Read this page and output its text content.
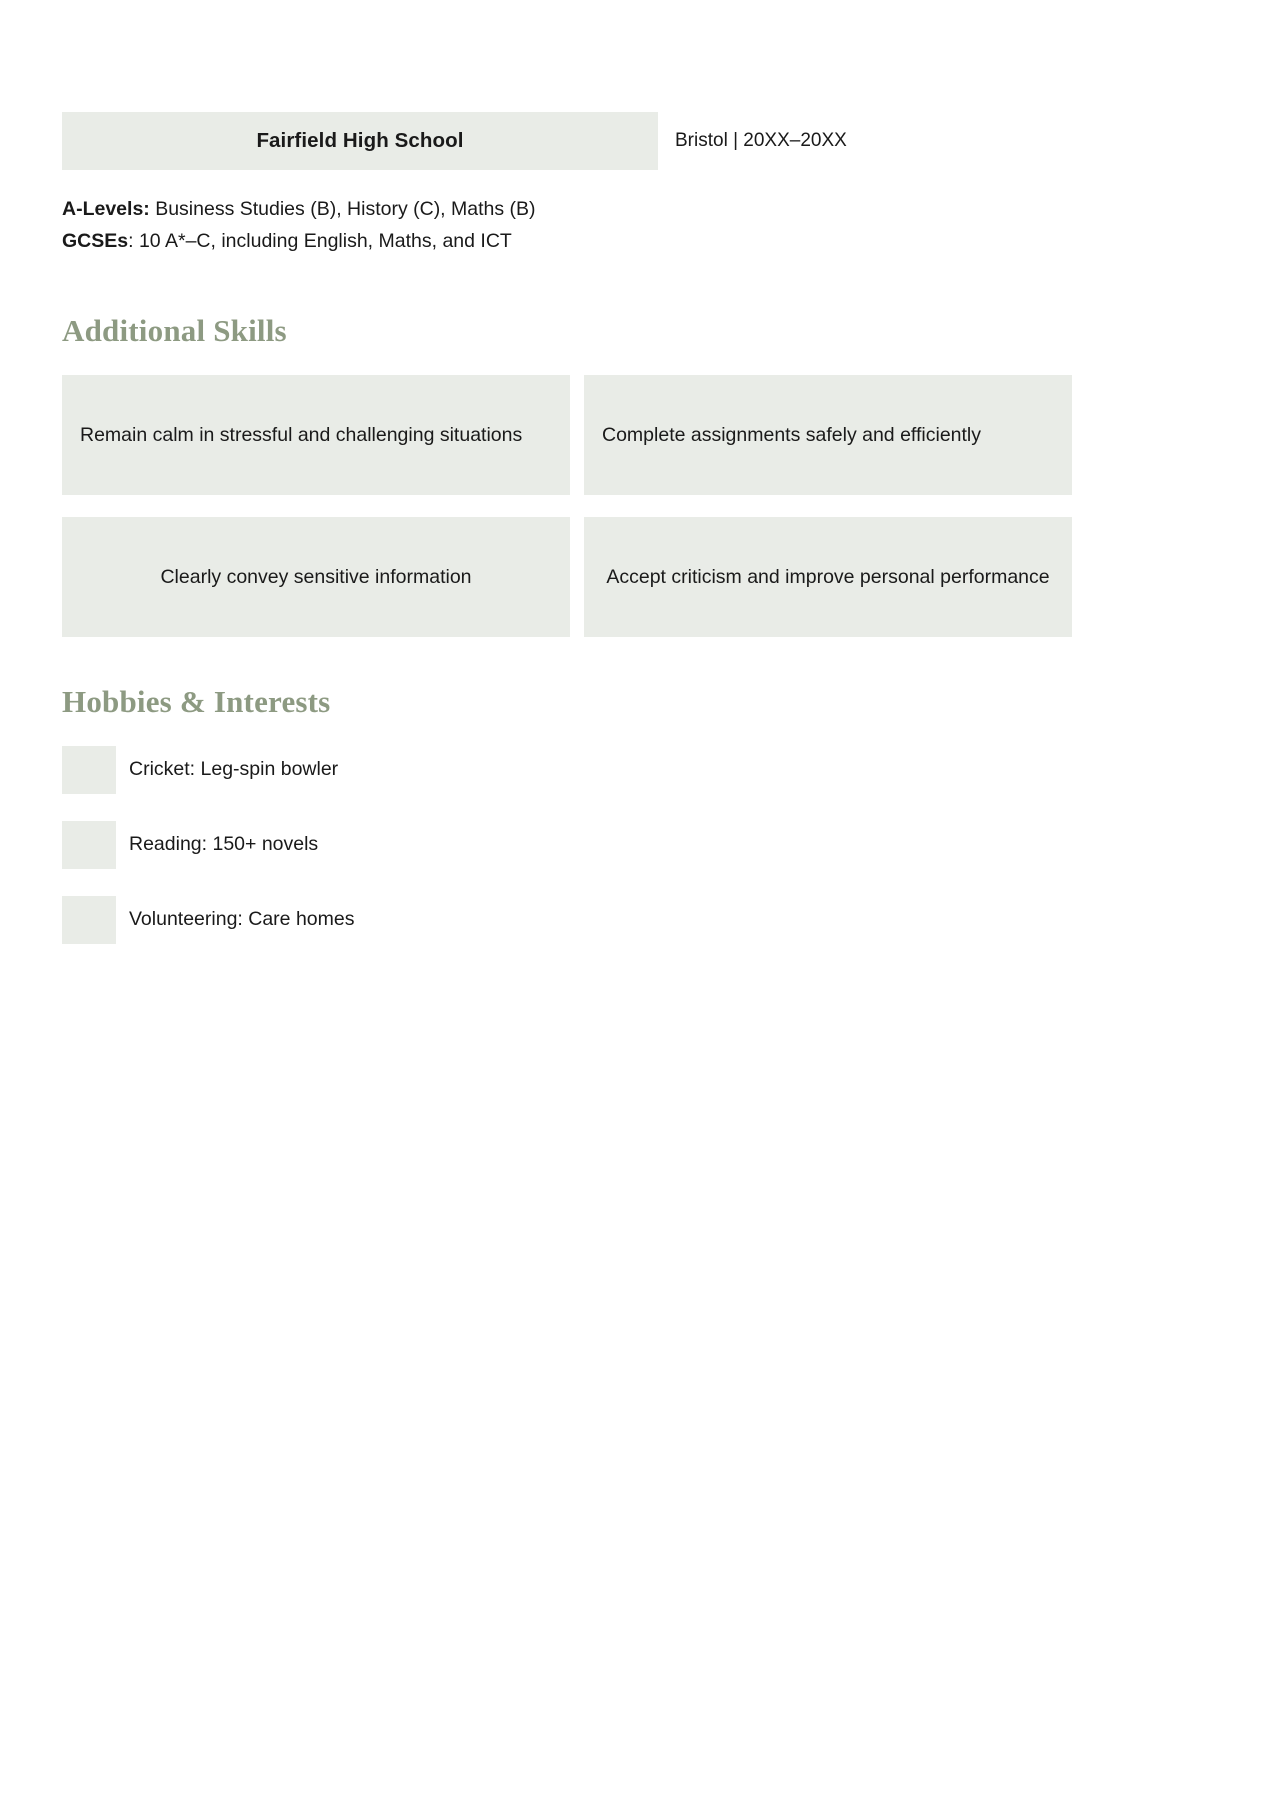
Fairfield High School	Bristol | 20XX–20XX
A-Levels: Business Studies (B), History (C), Maths (B)
GCSEs: 10 A*–C, including English, Maths, and ICT
Additional Skills
Remain calm in stressful and challenging situations	Complete assignments safely and efficiently
Clearly convey sensitive information	Accept criticism and improve personal performance
Hobbies & Interests
Cricket: Leg-spin bowler
Reading: 150+ novels
Volunteering: Care homes
